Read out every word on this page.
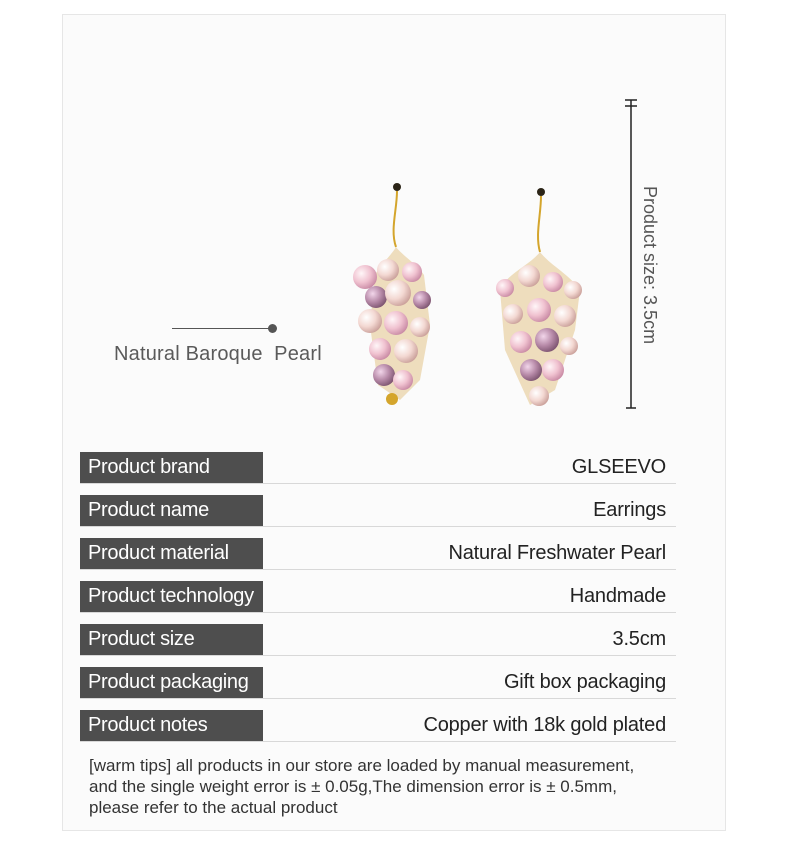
Natural Baroque  Pearl
Product size: 3.5cm
Product brand	GLSEEVO
Product name	Earrings
Product material	Natural Freshwater Pearl
Product technology	Handmade
Product size	3.5cm
Product packaging	Gift box packaging
Product notes	Copper with 18k gold plated
[warm tips] all products in our store are loaded by manual measurement,
and the single weight error is ± 0.05g,The dimension error is ± 0.5mm,
please refer to the actual product
